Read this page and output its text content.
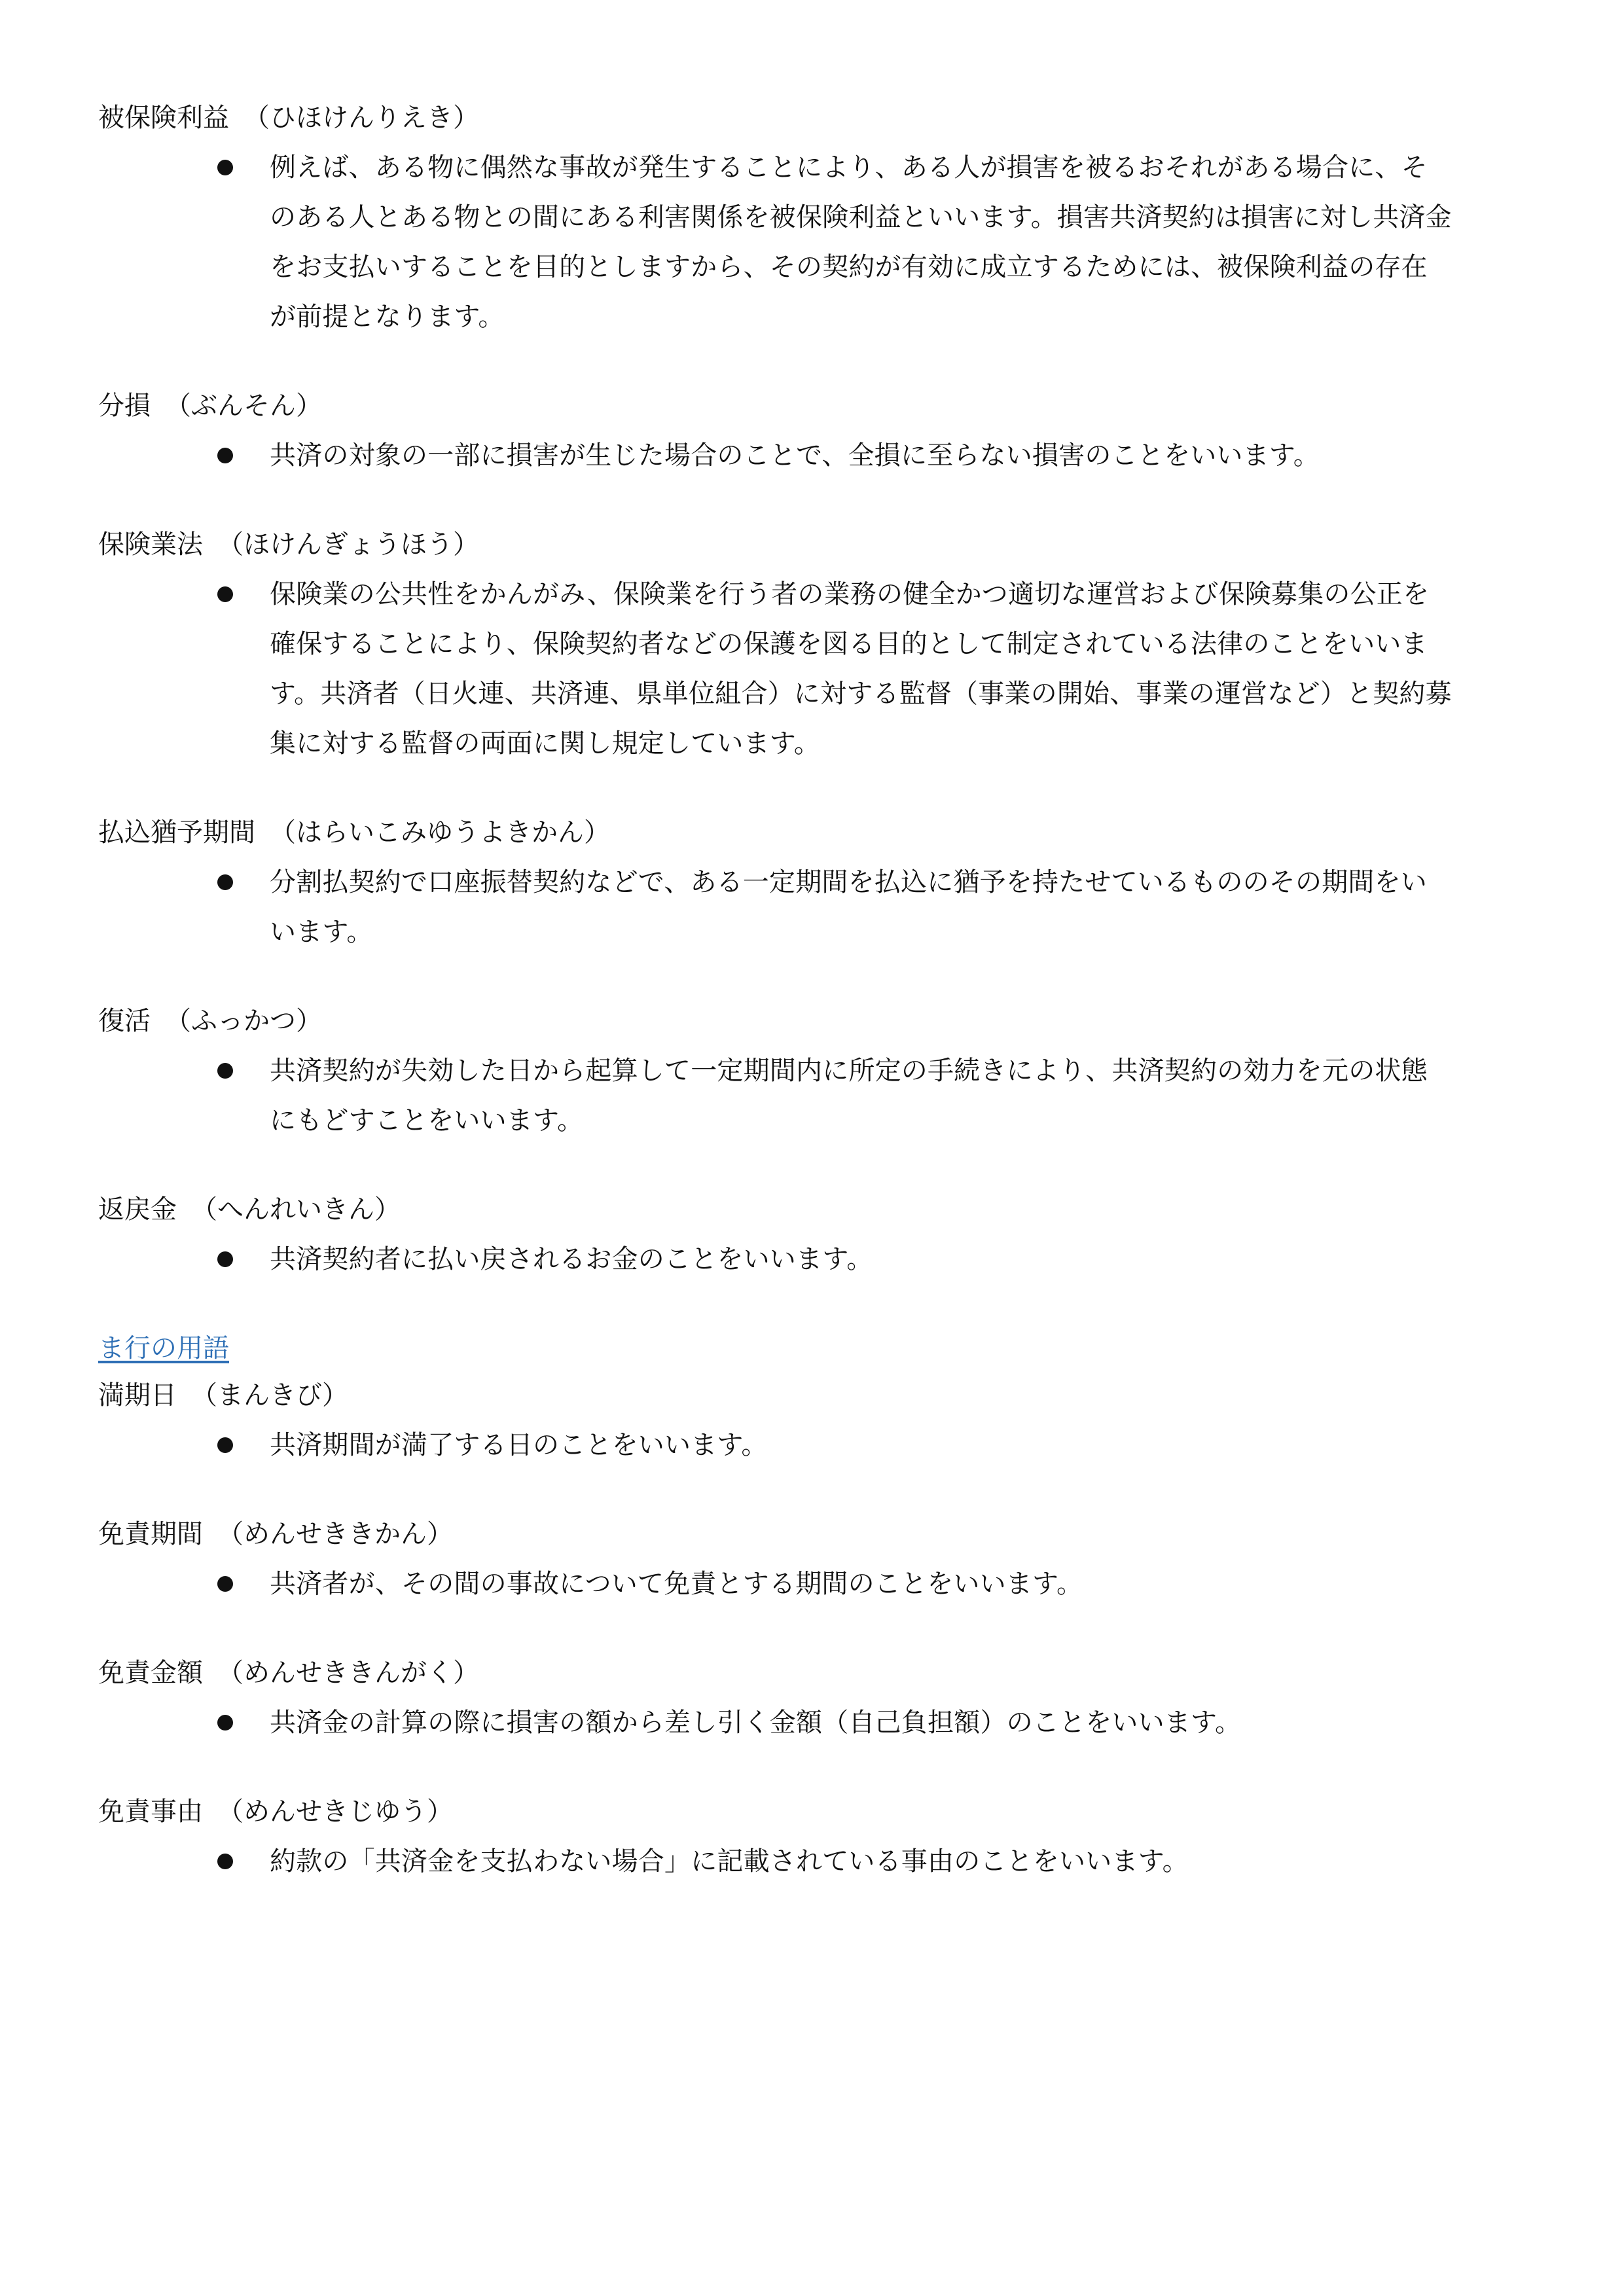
被保険利益 （ひほけんりえき）

例えば、ある物に偶然な事故が発生することにより、ある人が損害を被るおそれがある場合に、そのある人とある物との間にある利害関係を被保険利益といいます。損害共済契約は損害に対し共済金をお支払いすることを目的としますから、その契約が有効に成立するためには、被保険利益の存在が前提となります。

分損 （ぶんそん）

共済の対象の一部に損害が生じた場合のことで、全損に至らない損害のことをいいます。

保険業法 （ほけんぎょうほう）

保険業の公共性をかんがみ、保険業を行う者の業務の健全かつ適切な運営および保険募集の公正を確保することにより、保険契約者などの保護を図る目的として制定されている法律のことをいいます。共済者（日火連、共済連、県単位組合）に対する監督（事業の開始、事業の運営など）と契約募集に対する監督の両面に関し規定しています。

払込猶予期間 （はらいこみゆうよきかん）

分割払契約で口座振替契約などで、ある一定期間を払込に猶予を持たせているもののその期間をいいます。

復活 （ふっかつ）

共済契約が失効した日から起算して一定期間内に所定の手続きにより、共済契約の効力を元の状態にもどすことをいいます。

返戻金 （へんれいきん）

共済契約者に払い戻されるお金のことをいいます。

ま行の用語

満期日 （まんきび）

共済期間が満了する日のことをいいます。

免責期間 （めんせききかん）

共済者が、その間の事故について免責とする期間のことをいいます。

免責金額 （めんせききんがく）

共済金の計算の際に損害の額から差し引く金額（自己負担額）のことをいいます。

免責事由 （めんせきじゆう）

約款の「共済金を支払わない場合」に記載されている事由のことをいいます。
